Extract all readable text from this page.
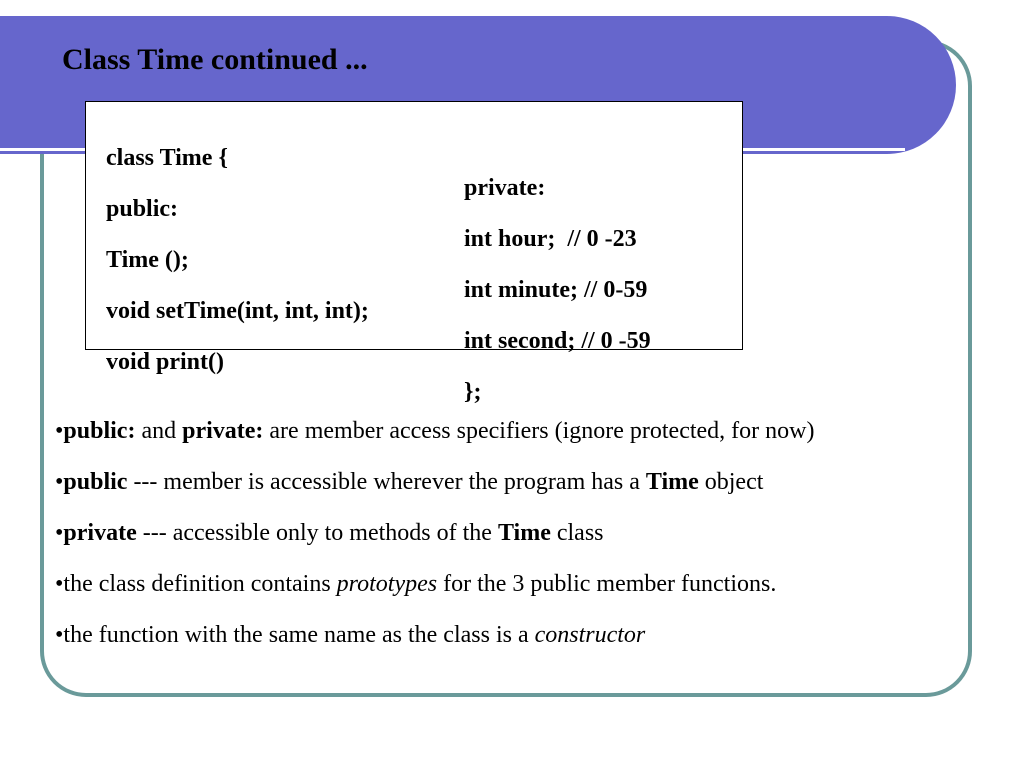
Class Time continued ...

class Time {

private:

public:

int hour;  // 0 -23

Time ();

int minute; // 0-59

void setTime(int, int, int);

int second; // 0 -59

void print()

};

•public: and private: are member access specifiers (ignore protected, for now)
•public --- member is accessible wherever the program has a Time object
•private --- accessible only to methods of the Time class
•the class definition contains prototypes for the 3 public member functions.
•the function with the same name as the class is a constructor
